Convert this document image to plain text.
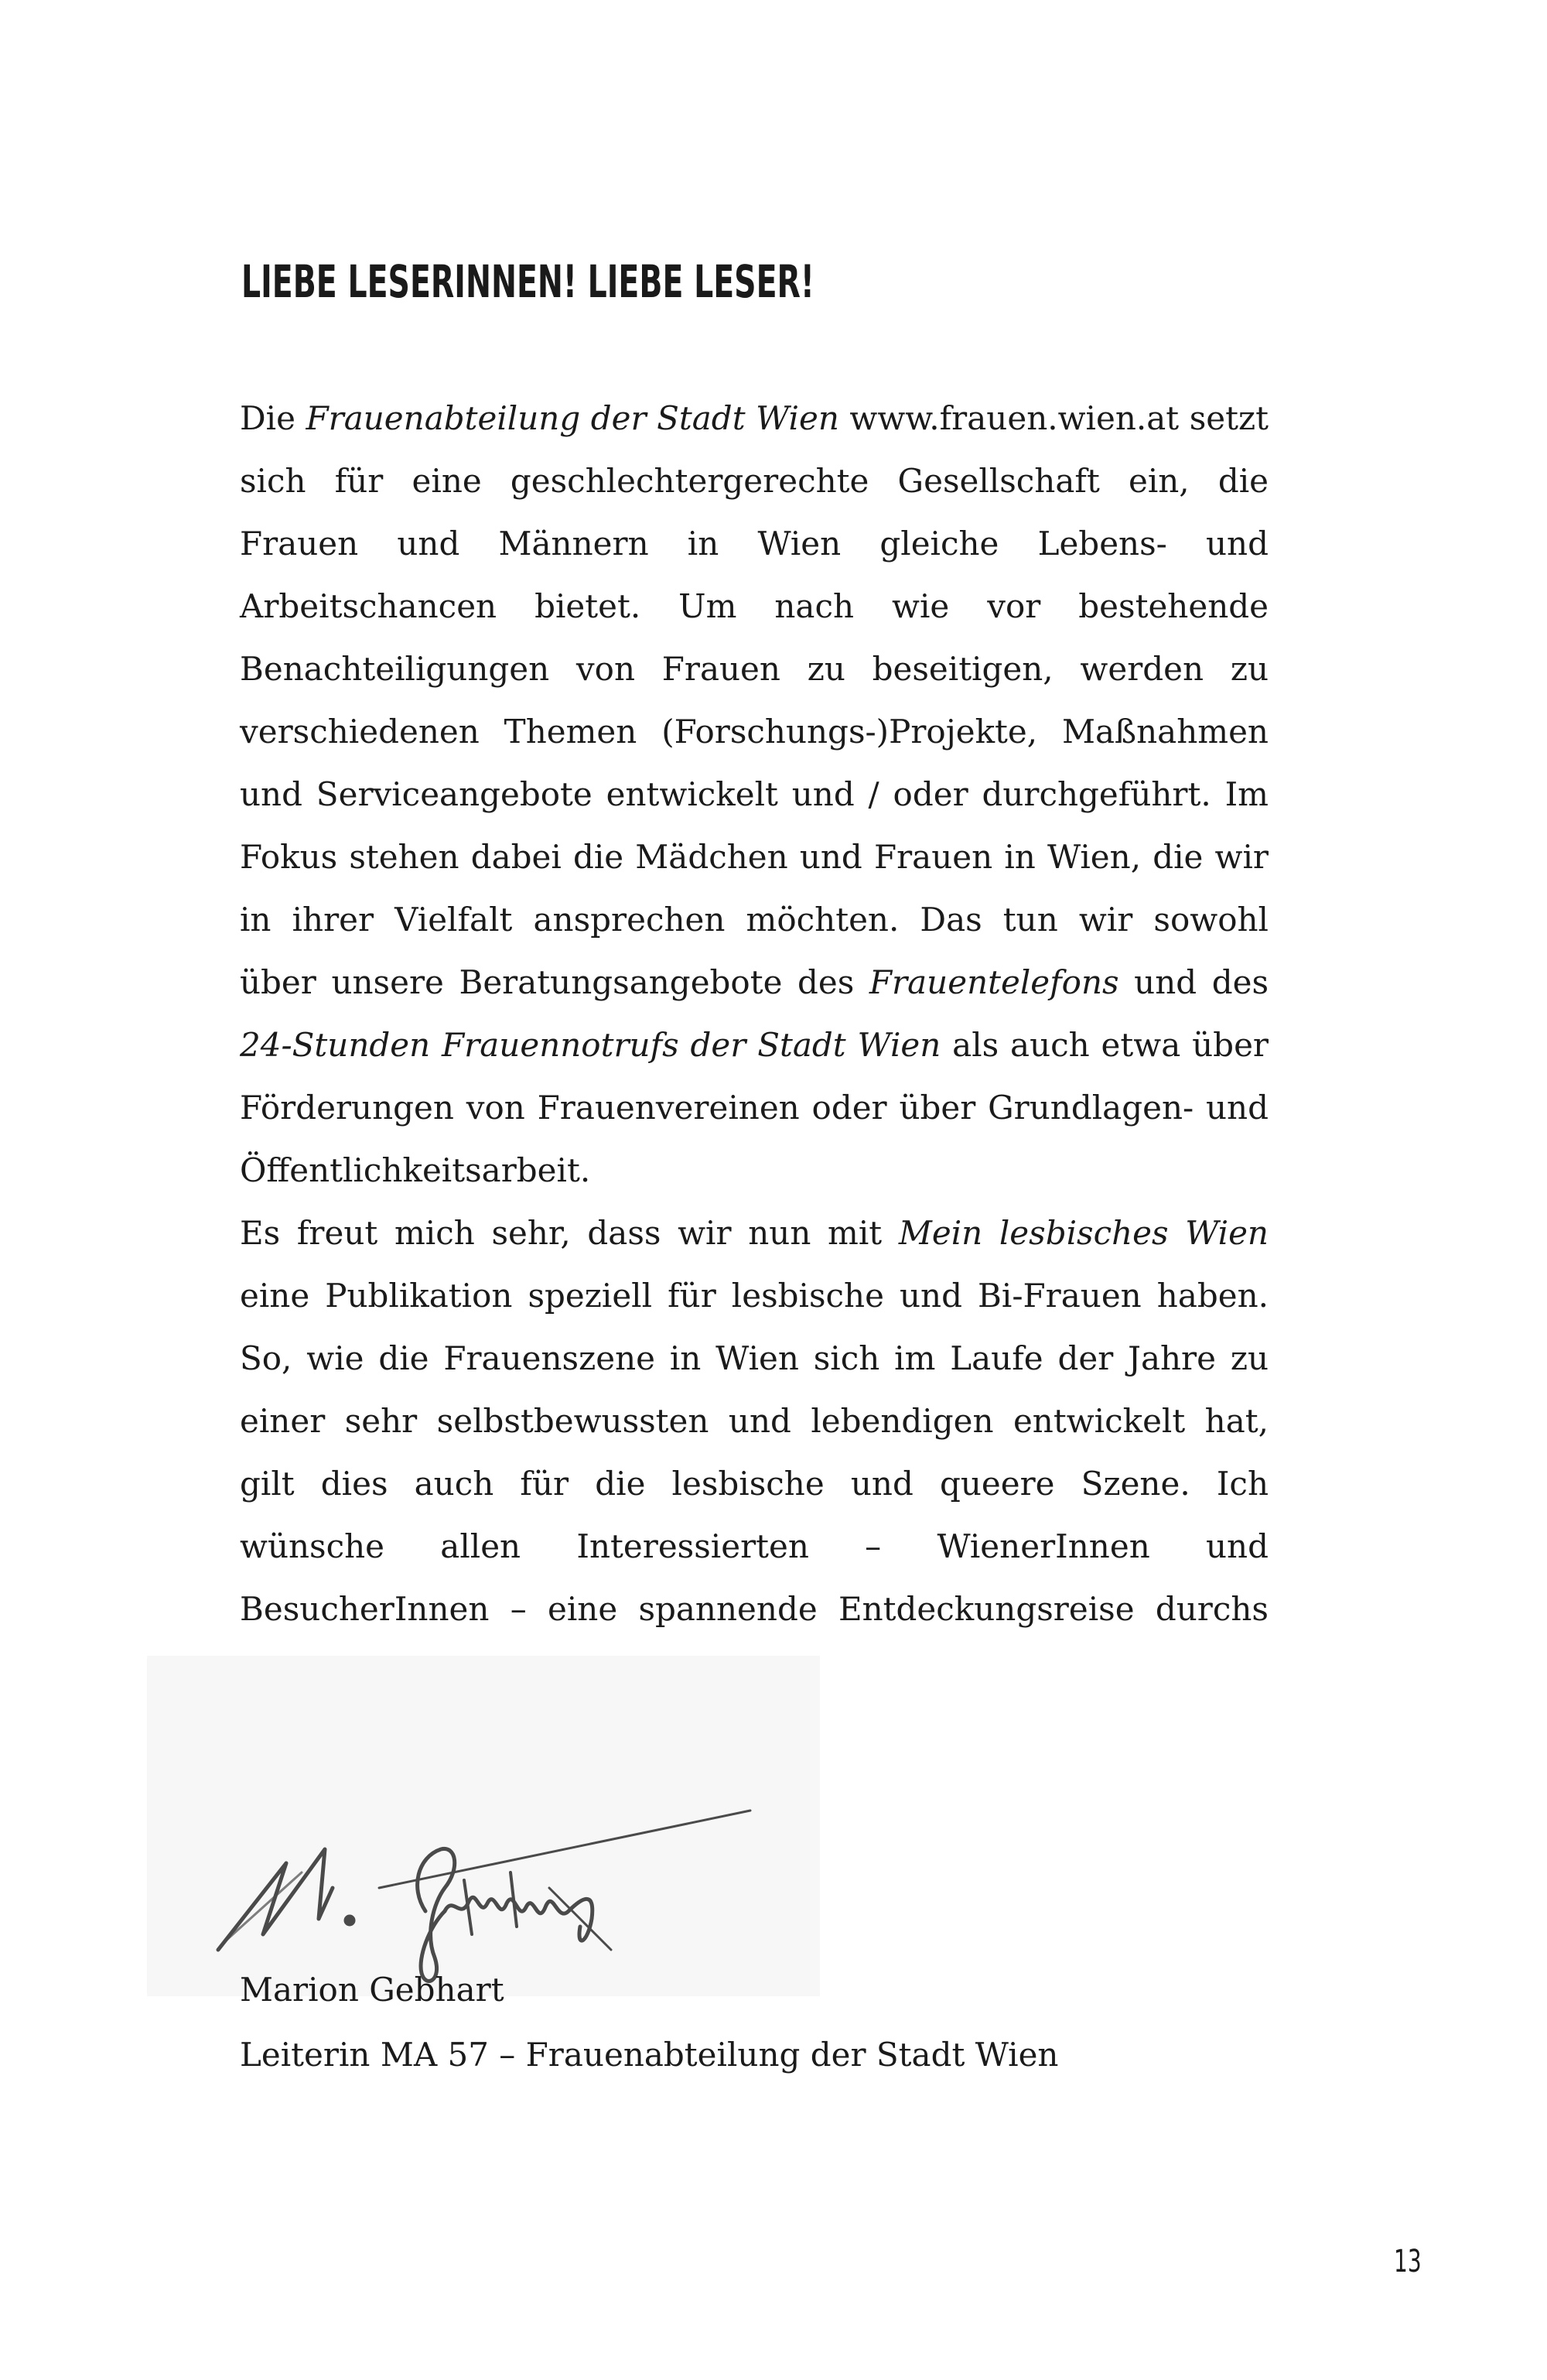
LIEBE LESERINNEN! LIEBE LESER!

Die Frauenabteilung der Stadt Wien www.frauen.wien.at setzt sich für eine geschlechtergerechte Gesellschaft ein, die Frauen und Männern in Wien gleiche Lebens- und Arbeitschancen bietet. Um nach wie vor bestehende Benachteiligungen von Frauen zu beseitigen, werden zu verschiedenen Themen (Forschungs-)Projekte, Maßnahmen und Serviceangebote entwickelt und / oder durchgeführt. Im Fokus stehen dabei die Mädchen und Frauen in Wien, die wir in ihrer Vielfalt ansprechen möchten. Das tun wir sowohl über unsere Beratungsangebote des Frauentelefons und des 24-Stunden Frauennotrufs der Stadt Wien als auch etwa über Förderungen von Frauenvereinen oder über Grundlagen- und Öffentlichkeitsarbeit.

Es freut mich sehr, dass wir nun mit Mein lesbisches Wien eine Publikation speziell für lesbische und Bi-Frauen haben. So, wie die Frauenszene in Wien sich im Laufe der Jahre zu einer sehr selbstbewussten und lebendigen entwickelt hat, gilt dies auch für die lesbische und queere Szene. Ich wünsche allen Interessierten – WienerInnen und BesucherInnen – eine spannende Entdeckungsreise durchs

Marion Gebhart
Leiterin MA 57 – Frauenabteilung der Stadt Wien
13
